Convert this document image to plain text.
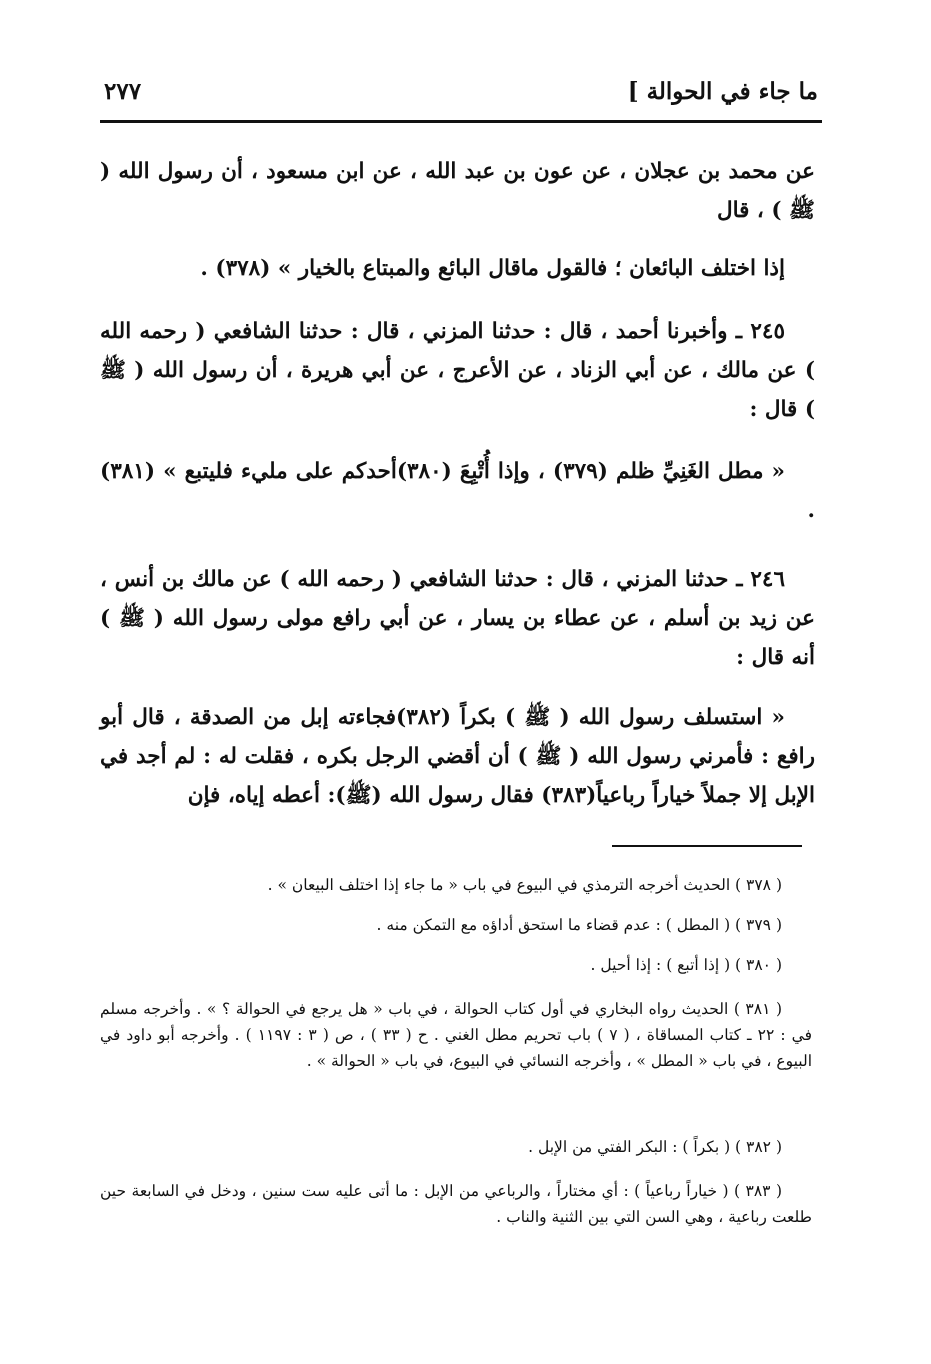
ما جاء في الحوالة ]
٢٧٧

عن محمد بن عجلان ، عن عون بن عبد الله ، عن ابن مسعود ، أن رسول الله ( ﷺ ) ، قال

إذا اختلف البائعان ؛ فالقول ماقال البائع والمبتاع بالخيار » (٣٧٨) .

٢٤٥ ـ وأخبرنا أحمد ، قال : حدثنا المزني ، قال : حدثنا الشافعي ( رحمه الله ) عن مالك ، عن أبي الزناد ، عن الأعرج ، عن أبي هريرة ، أن رسول الله ( ﷺ ) قال :

« مطل الغَنِيِّ ظلم (٣٧٩) ، وإذا أُتْبِعَ (٣٨٠)أحدكم على مليء فليتبع » (٣٨١) .

٢٤٦ ـ حدثنا المزني ، قال : حدثنا الشافعي ( رحمه الله ) عن مالك بن أنس ، عن زيد بن أسلم ، عن عطاء بن يسار ، عن أبي رافع مولى رسول الله ( ﷺ ) أنه قال :

« استسلف رسول الله ( ﷺ ) بكراً (٣٨٢)فجاءته إبل من الصدقة ، قال أبو رافع : فأمرني رسول الله ( ﷺ ) أن أقضي الرجل بكره ، فقلت له : لم أجد في الإبل إلا جملاً خياراً رباعياً(٣٨٣) فقال رسول الله (ﷺ): أعطه إياه، فإن

( ٣٧٨ ) الحديث أخرجه الترمذي في البيوع في باب « ما جاء إذا اختلف البيعان » .

( ٣٧٩ ) ( المطل ) : عدم قضاء ما استحق أداؤه مع التمكن منه .

( ٣٨٠ ) ( إذا أتبع ) : إذا أحيل .

( ٣٨١ ) الحديث رواه البخاري في أول كتاب الحوالة ، في باب « هل يرجع في الحوالة ؟ » . وأخرجه مسلم في : ٢٢ ـ كتاب المساقاة ، ( ٧ ) باب تحريم مطل الغني . ح ( ٣٣ ) ، ص ( ٣ : ١١٩٧ ) . وأخرجه أبو داود في البيوع ، في باب « المطل » ، وأخرجه النسائي في البيوع، في باب « الحوالة » .

( ٣٨٢ ) ( بكراً ) : البكر الفتي من الإبل .

( ٣٨٣ ) ( خياراً رباعياً ) : أي مختاراً ، والرباعي من الإبل : ما أتى عليه ست سنين ، ودخل في السابعة حين طلعت رباعية ، وهي السن التي بين الثنية والناب .
